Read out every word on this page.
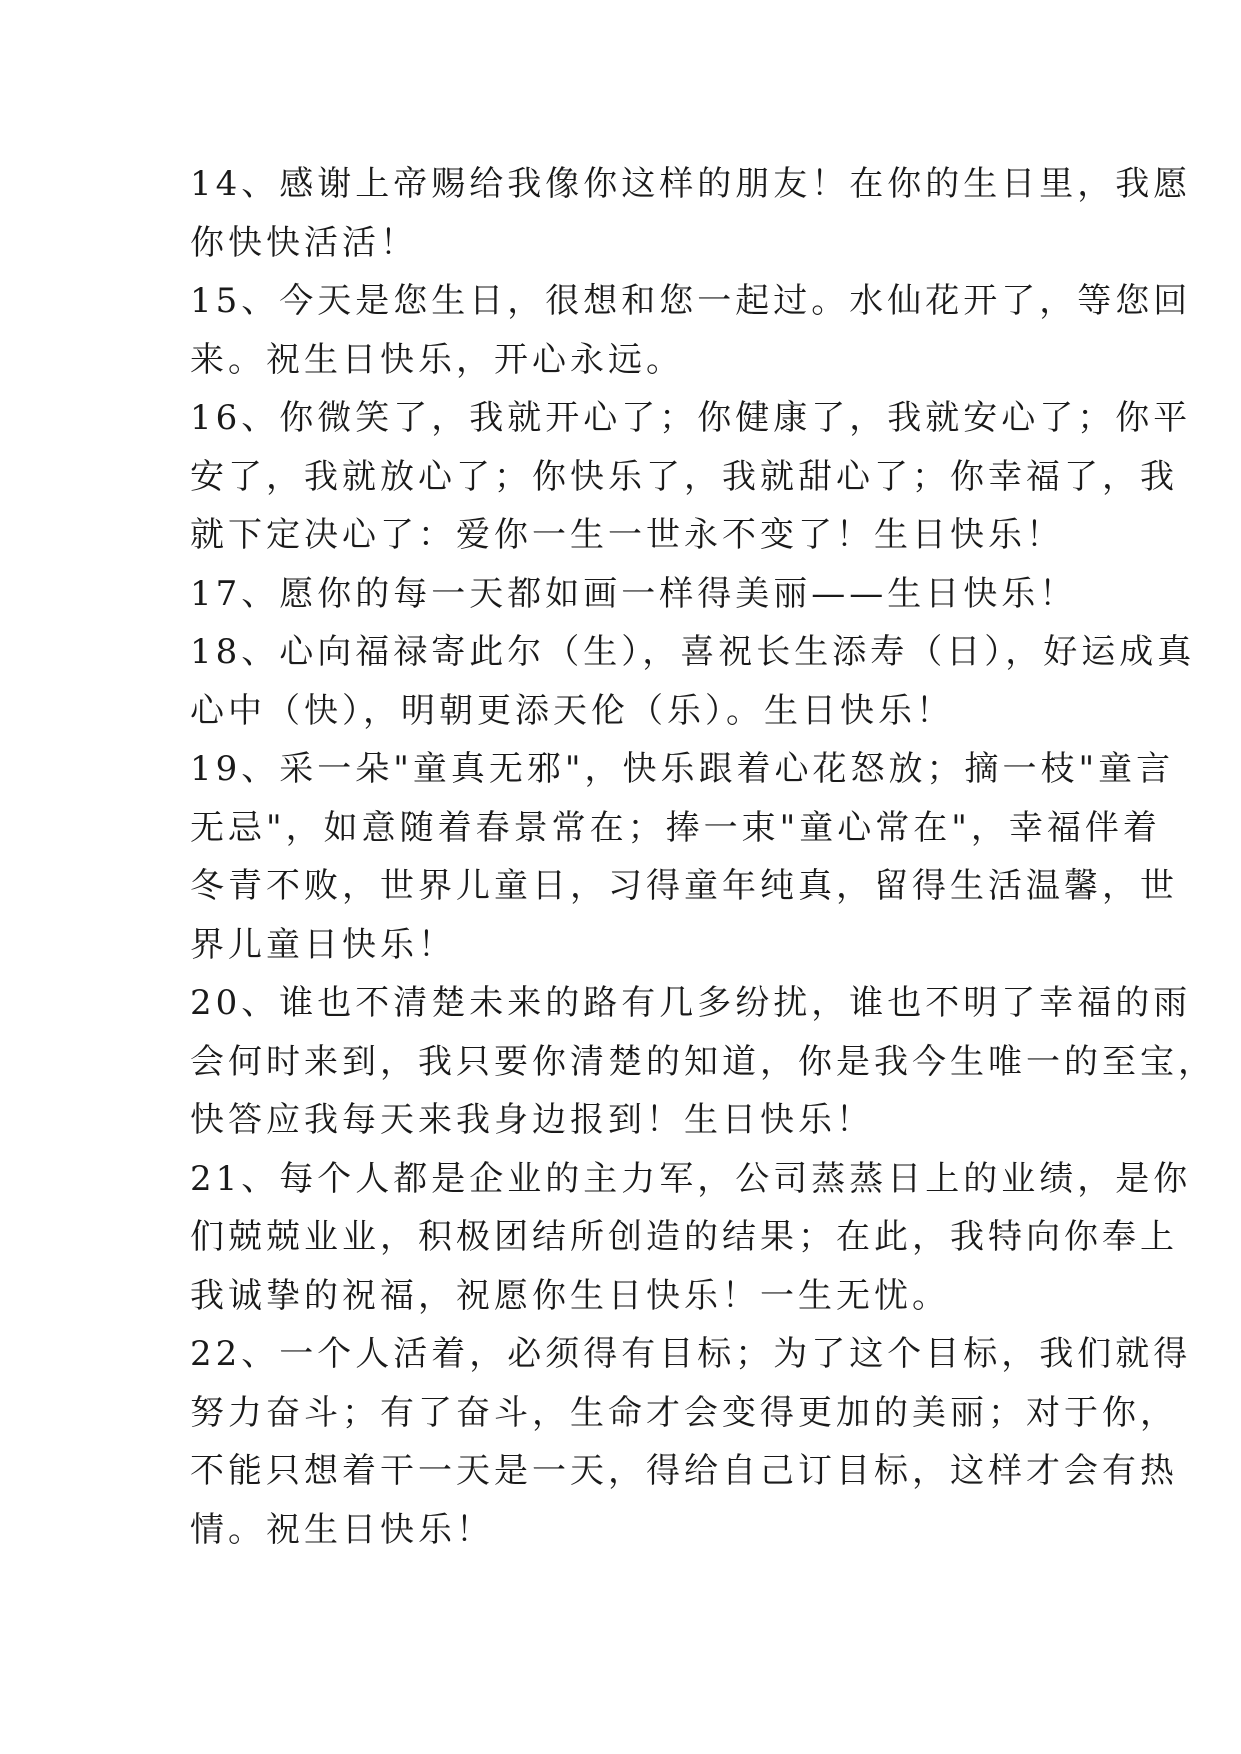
14、感谢上帝赐给我像你这样的朋友！在你的生日里，我愿
你快快活活！
15、今天是您生日，很想和您一起过。水仙花开了，等您回
来。祝生日快乐，开心永远。
16、你微笑了，我就开心了；你健康了，我就安心了；你平
安了，我就放心了；你快乐了，我就甜心了；你幸福了，我
就下定决心了：爱你一生一世永不变了！生日快乐！
17、愿你的每一天都如画一样得美丽——生日快乐！
18、心向福禄寄此尔（生），喜祝长生添寿（日），好运成真
心中（快），明朝更添天伦（乐）。生日快乐！
19、采一朵"童真无邪"，快乐跟着心花怒放；摘一枝"童言
无忌"，如意随着春景常在；捧一束"童心常在"，幸福伴着
冬青不败，世界儿童日，习得童年纯真，留得生活温馨，世
界儿童日快乐！
20、谁也不清楚未来的路有几多纷扰，谁也不明了幸福的雨
会何时来到，我只要你清楚的知道，你是我今生唯一的至宝，
快答应我每天来我身边报到！生日快乐！
21、每个人都是企业的主力军，公司蒸蒸日上的业绩，是你
们兢兢业业，积极团结所创造的结果；在此，我特向你奉上
我诚挚的祝福，祝愿你生日快乐！一生无忧。
22、一个人活着，必须得有目标；为了这个目标，我们就得
努力奋斗；有了奋斗，生命才会变得更加的美丽；对于你，
不能只想着干一天是一天，得给自己订目标，这样才会有热
情。祝生日快乐！
